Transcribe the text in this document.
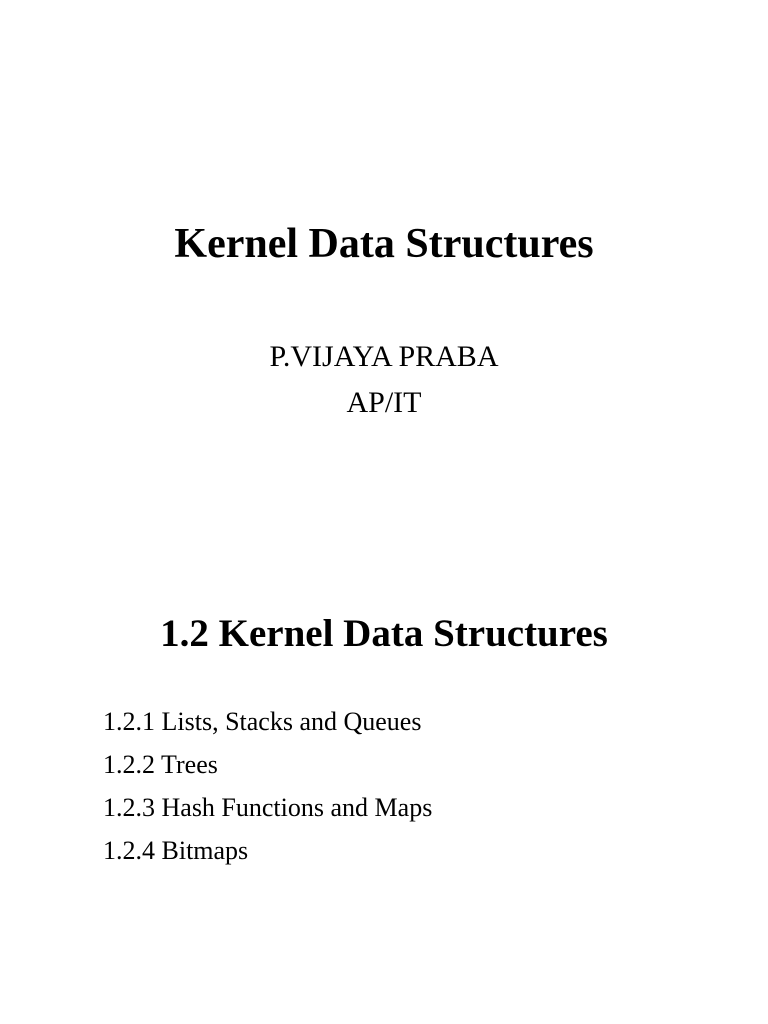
Kernel Data Structures
P.VIJAYA PRABA
AP/IT
1.2 Kernel Data Structures
1.2.1 Lists, Stacks and Queues
1.2.2 Trees
1.2.3 Hash Functions and Maps
1.2.4 Bitmaps
